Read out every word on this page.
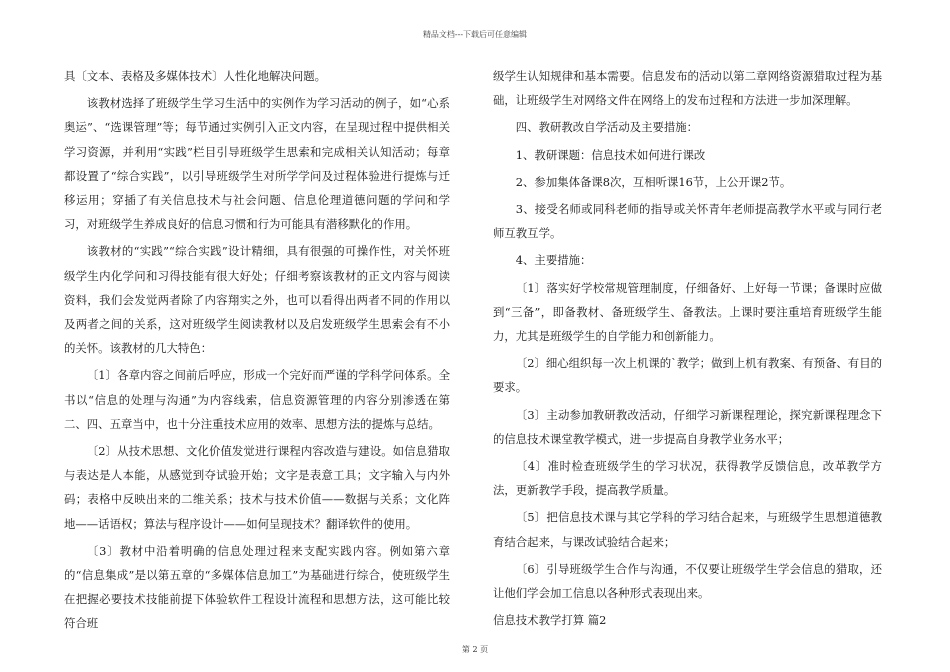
精品文档---下载后可任意编辑

具〔文本、表格及多媒体技术〕人性化地解决问题。

该教材选择了班级学生学习生活中的实例作为学习活动的例子，如“心系奥运”、“选课管理”等；每节通过实例引入正文内容，在呈现过程中提供相关学习资源，并利用“实践”栏目引导班级学生思索和完成相关认知活动；每章都设置了“综合实践”，以引导班级学生对所学学问及过程体验进行提炼与迁移运用；穿插了有关信息技术与社会问题、信息伦理道德问题的学问和学习，对班级学生养成良好的信息习惯和行为可能具有潜移默化的作用。

该教材的“实践”“综合实践”设计精细，具有很强的可操作性，对关怀班级学生内化学问和习得技能有很大好处；仔细考察该教材的正文内容与阅读资料，我们会发觉两者除了内容翔实之外，也可以看得出两者不同的作用以及两者之间的关系，这对班级学生阅读教材以及启发班级学生思索会有不小的关怀。该教材的几大特色：

〔1〕各章内容之间前后呼应，形成一个完好而严谨的学科学问体系。全书以“信息的处理与沟通”为内容线索，信息资源管理的内容分别渗透在第二、四、五章当中，也十分注重技术应用的效率、思想方法的提炼与总结。

〔2〕从技术思想、文化价值发觉进行课程内容改造与建设。如信息猎取与表达是人本能，从感觉到夺试验开始；文字是表意工具；文字输入与内外码；表格中反映出来的二维关系；技术与技术价值——数据与关系；文化阵地——话语权；算法与程序设计——如何呈现技术？翻译软件的使用。

〔3〕教材中沿着明确的信息处理过程来支配实践内容。例如第六章的“信息集成”是以第五章的“多媒体信息加工”为基础进行综合，使班级学生在把握必要技术技能前提下体验软件工程设计流程和思想方法，这可能比较符合班

级学生认知规律和基本需要。信息发布的活动以第二章网络资源猎取过程为基础，让班级学生对网络文件在网络上的发布过程和方法进一步加深理解。

四、教研教改自学活动及主要措施：

1、教研课题：信息技术如何进行课改

2、参加集体备课8次，互相听课16节，上公开课2节。

3、接受名师或同科老师的指导或关怀青年老师提高教学水平或与同行老师互教互学。

4、主要措施：

〔1〕落实好学校常规管理制度，仔细备好、上好每一节课；备课时应做到“三备”，即备教材、备班级学生、备教法。上课时要注重培育班级学生能力，尤其是班级学生的自学能力和创新能力。

〔2〕细心组织每一次上机课的`教学；做到上机有教案、有预备、有目的要求。

〔3〕主动参加教研教改活动，仔细学习新课程理论，探究新课程理念下的信息技术课堂教学模式，进一步提高自身教学业务水平；

〔4〕准时检查班级学生的学习状况，获得教学反馈信息，改革教学方法，更新教学手段，提高教学质量。

〔5〕把信息技术课与其它学科的学习结合起来，与班级学生思想道德教育结合起来，与课改试验结合起来；

〔6〕引导班级学生合作与沟通，不仅要让班级学生学会信息的猎取，还让他们学会加工信息以各种形式表现出来。

信息技术教学打算 篇2

第 2 页
